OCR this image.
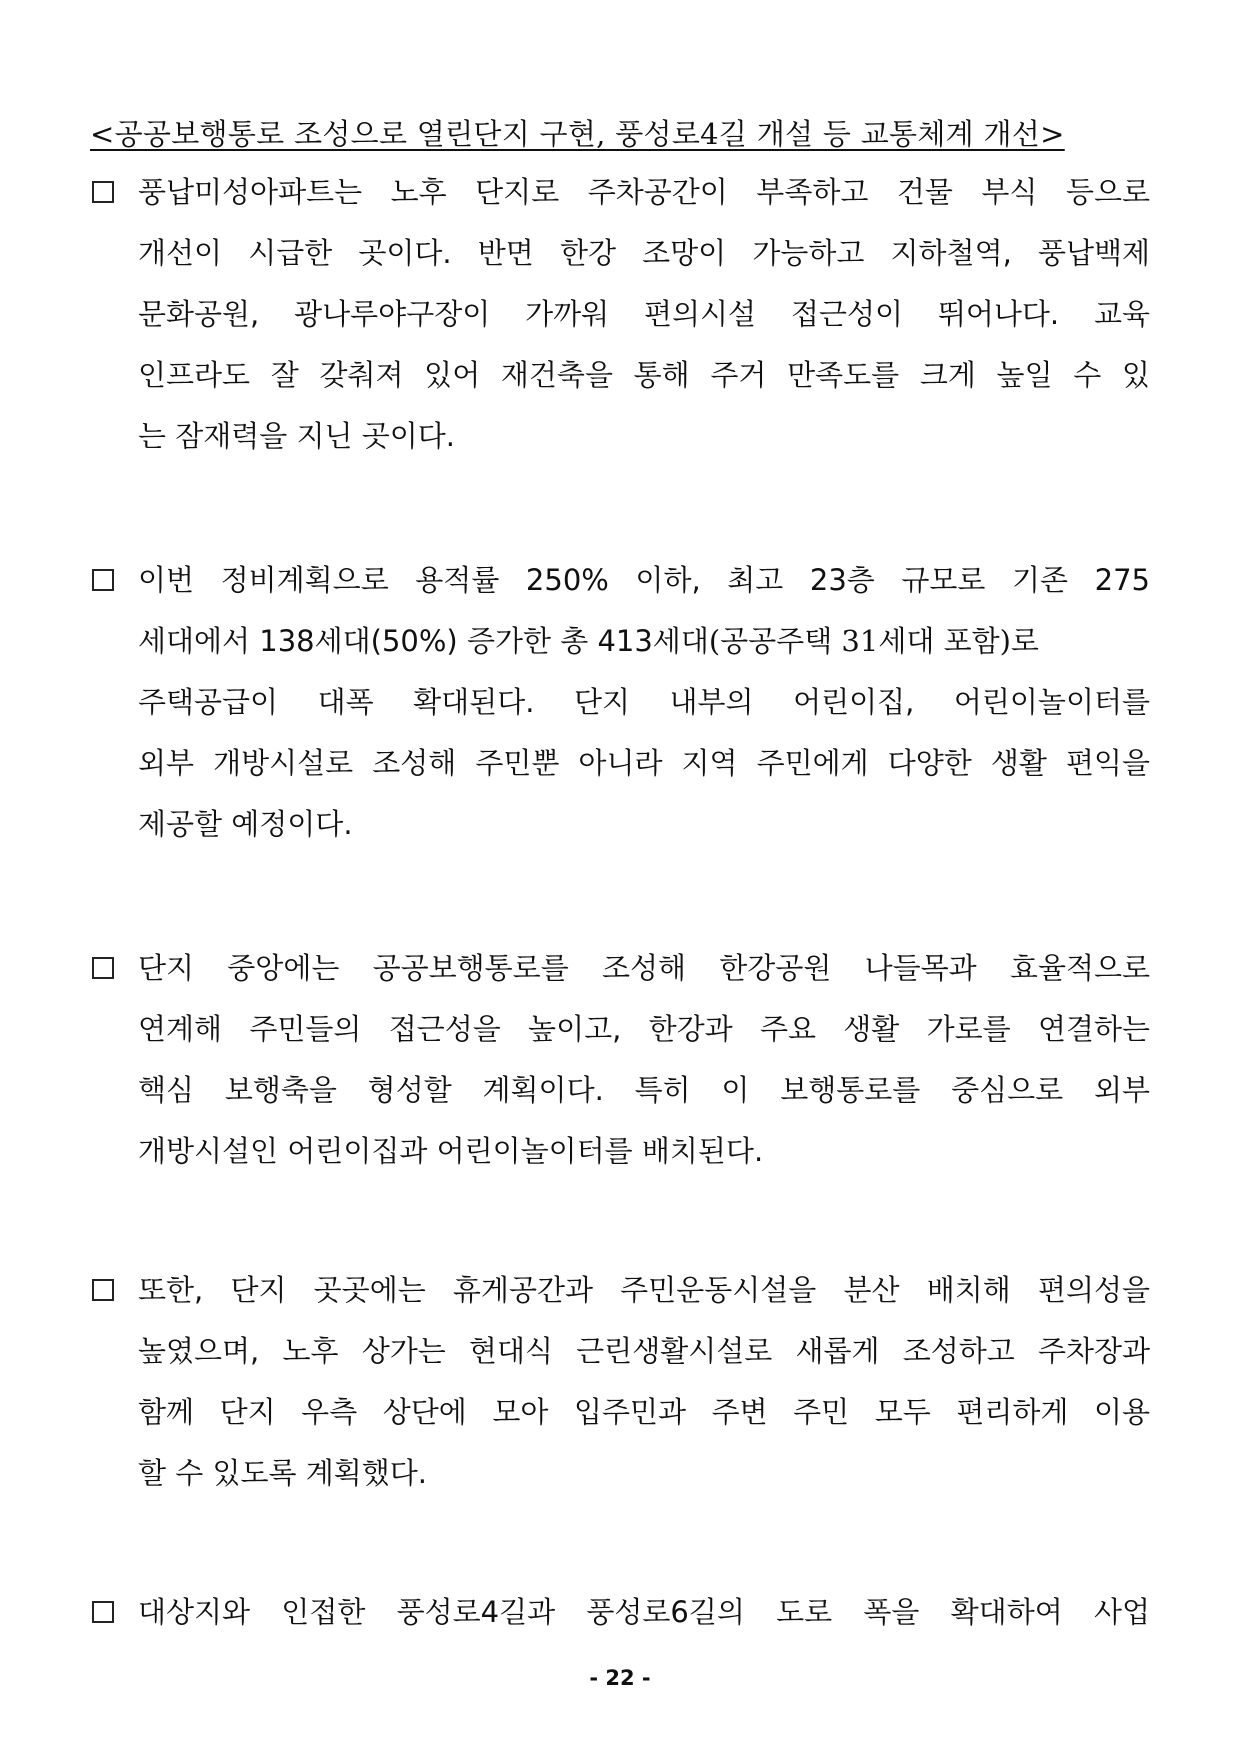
<공공보행통로 조성으로 열린단지 구현, 풍성로4길 개설 등 교통체계 개선>
풍납미성아파트는 노후 단지로 주차공간이 부족하고 건물 부식 등으로
개선이 시급한 곳이다. 반면 한강 조망이 가능하고 지하철역, 풍납백제
문화공원, 광나루야구장이 가까워 편의시설 접근성이 뛰어나다. 교육
인프라도 잘 갖춰져 있어 재건축을 통해 주거 만족도를 크게 높일 수 있
는 잠재력을 지닌 곳이다.
이번 정비계획으로 용적률 250% 이하, 최고 23층 규모로 기존 275
세대에서 138세대(50%) 증가한 총 413세대(공공주택 31세대 포함)로
주택공급이 대폭 확대된다. 단지 내부의 어린이집, 어린이놀이터를
외부 개방시설로 조성해 주민뿐 아니라 지역 주민에게 다양한 생활 편익을
제공할 예정이다.
단지 중앙에는 공공보행통로를 조성해 한강공원 나들목과 효율적으로
연계해 주민들의 접근성을 높이고, 한강과 주요 생활 가로를 연결하는
핵심 보행축을 형성할 계획이다. 특히 이 보행통로를 중심으로 외부
개방시설인 어린이집과 어린이놀이터를 배치된다.
또한, 단지 곳곳에는 휴게공간과 주민운동시설을 분산 배치해 편의성을
높였으며, 노후 상가는 현대식 근린생활시설로 새롭게 조성하고 주차장과
함께 단지 우측 상단에 모아 입주민과 주변 주민 모두 편리하게 이용
할 수 있도록 계획했다.
대상지와 인접한 풍성로4길과 풍성로6길의 도로 폭을 확대하여 사업
- 22 -
